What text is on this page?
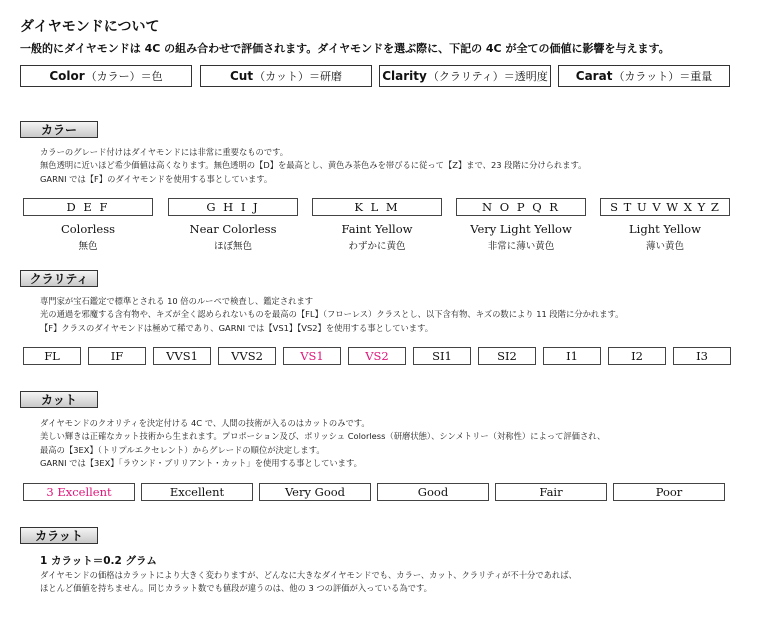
ダイヤモンドについて
一般的にダイヤモンドは 4C の組み合わせで評価されます。ダイヤモンドを選ぶ際に、下記の 4C が全ての価値に影響を与えます。
Color （カラー）＝色	Cut （カット）＝研磨	Clarity （クラリティ）＝透明度 Carat （カラット）＝重量
カラー
カラーのグレード付けはダイヤモンドには非常に重要なものです。
無色透明に近いほど希少価値は高くなります。無色透明の【D】を最高とし、黄色み茶色みを帯びるに従って【Z】まで、23 段階に分けられます。
GARNI では【F】のダイヤモンドを使用する事としています。
D E F	G H I J	K L M	N O P Q R	S T U V W X Y Z
Colorless	Near Colorless	Faint Yellow	Very Light Yellow	Light Yellow
無色	ほぼ無色	わずかに黄色	非常に薄い黄色	薄い黄色
クラリティ
専門家が宝石鑑定で標準とされる 10 倍のルーペで検査し、鑑定されます
光の通過を邪魔する含有物や、キズが全く認められないものを最高の【FL】（フローレス）クラスとし、以下含有物、キズの数により 11 段階に分かれます。
【F】クラスのダイヤモンドは極めて稀であり、GARNI では【VS1】【VS2】を使用する事としています。
FL	IF	VVS1	VVS2	VS1	VS2	SI1	SI2	I1	I2	I3
カット
ダイヤモンドのクオリティを決定付ける 4C で、人間の技術が入るのはカットのみです。
美しい輝きは正確なカット技術から生まれます。プロポーション及び、ポリッシュ Colorless（研磨状態）、シンメトリー（対称性）によって評価され、
最高の【3EX】（トリプルエクセレント）からグレードの順位が決定します。
GARNI では【3EX】「ラウンド・ブリリアント・カット」を使用する事としています。
3 Excellent	Excellent	Very Good	Good	Fair	Poor
カラット
1 カラット＝0.2 グラム
ダイヤモンドの価格はカラットにより大きく変わりますが、どんなに大きなダイヤモンドでも、カラー、カット、クラリティが不十分であれば、
ほとんど価値を持ちません。同じカラット数でも値段が違うのは、他の 3 つの評価が入っている為です。
